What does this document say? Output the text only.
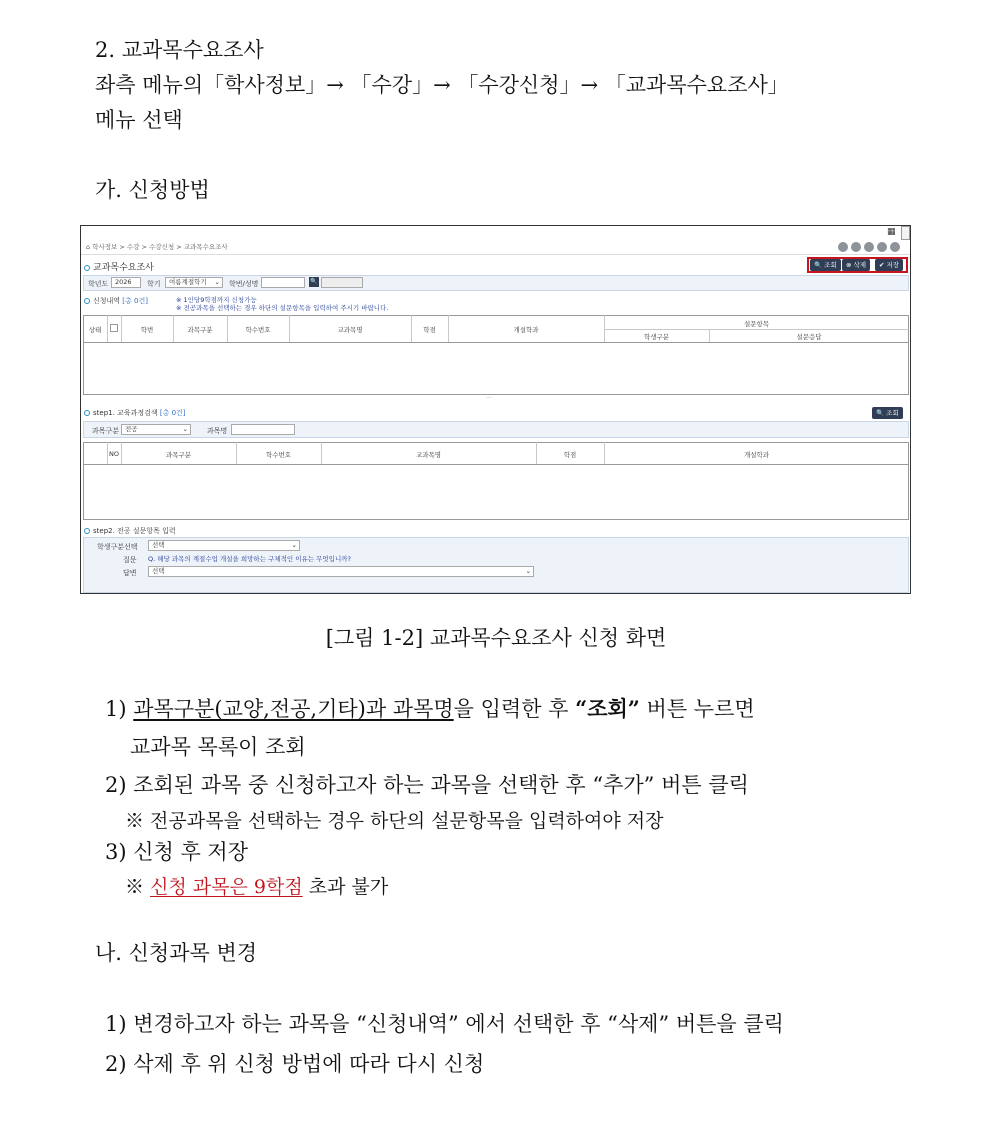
2. 교과목수요조사
좌측 메뉴의「학사정보」→ 「수강」→ 「수강신청」→ 「교과목수요조사」
메뉴 선택
가. 신청방법
▦
⌂ 학사정보 > 수강 > 수강신청 > 교과목수요조사
교과목수요조사	🔍 조회	⊗ 삭제	✔ 저장
학년도	2026	학기	여름계절학기 ⌄ 학번/성명	🔍
신청내역 [총 0건]	※ 1인당9학점까지 신청가능
※ 전공과목을 선택하는 경우 하단의 설문항목을 입력하여 주시기 바랍니다.
상태	학번	과목구분	학수번호	교과목명	학점	개설학과
설문항목
학생구분	설문응답
···
step1. 교육과정검색 [총 0건]	🔍 조회
과목구분 전공	⌄	과목명
NO	과목구분	학수번호	교과목명	학점	개설학과
step2. 전공 설문항목 입력
학생구분선택	선택	⌄
질문 Q. 해당 과목의 계절수업 개설을 희망하는 구체적인 이유는 무엇입니까?
답변	선택	⌄
[그림 1-2] 교과목수요조사 신청 화면
1) 과목구분(교양,전공,기타)과 과목명을 입력한 후 “조회” 버튼 누르면
교과목 목록이 조회
2) 조회된 과목 중 신청하고자 하는 과목을 선택한 후 “추가” 버튼 클릭
※ 전공과목을 선택하는 경우 하단의 설문항목을 입력하여야 저장
3) 신청 후 저장
※ 신청 과목은 9학점 초과 불가
나. 신청과목 변경
1) 변경하고자 하는 과목을 “신청내역” 에서 선택한 후 “삭제” 버튼을 클릭
2) 삭제 후 위 신청 방법에 따라 다시 신청
